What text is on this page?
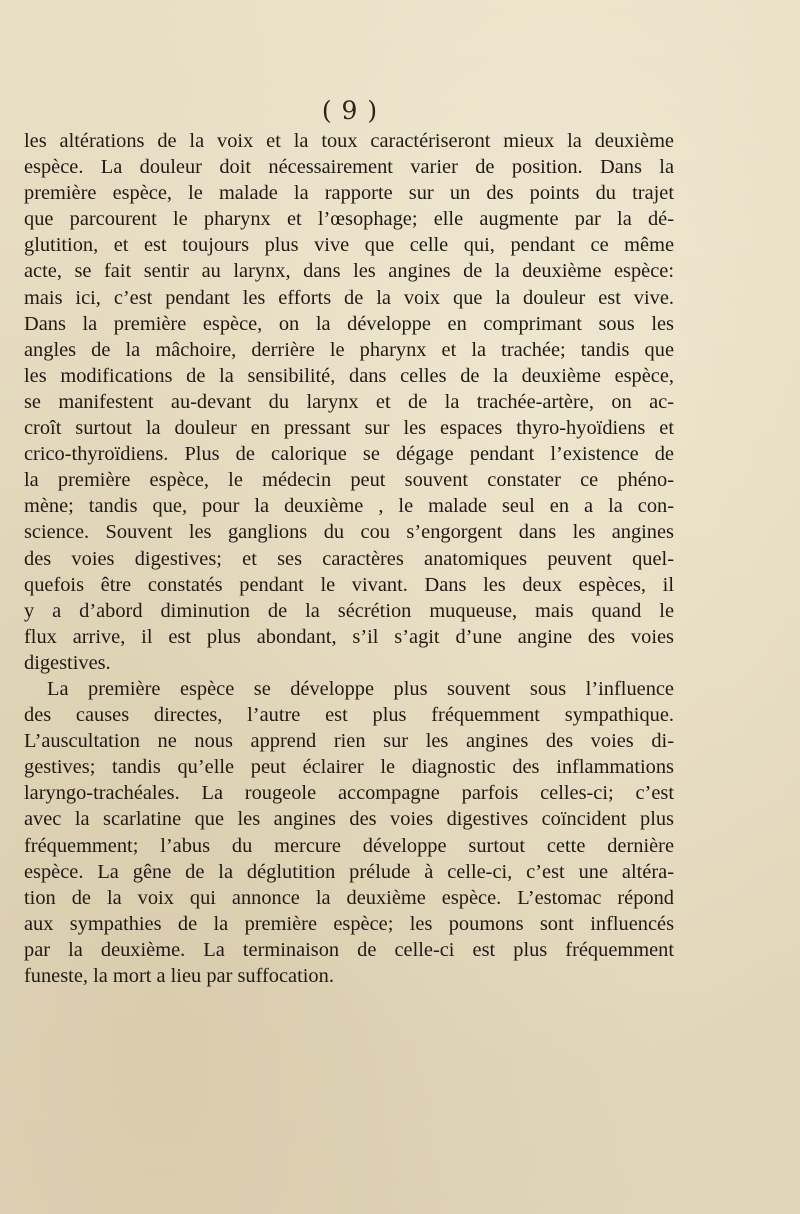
( 9 )
les altérations de la voix et la toux caractériseront mieux la deuxième
espèce. La douleur doit nécessairement varier de position. Dans la
première espèce, le malade la rapporte sur un des points du trajet
que parcourent le pharynx et l’œsophage; elle augmente par la dé-
glutition, et est toujours plus vive que celle qui, pendant ce même
acte, se fait sentir au larynx, dans les angines de la deuxième espèce:
mais ici, c’est pendant les efforts de la voix que la douleur est vive.
Dans la première espèce, on la développe en comprimant sous les
angles de la mâchoire, derrière le pharynx et la trachée; tandis que
les modifications de la sensibilité, dans celles de la deuxième espèce,
se manifestent au-devant du larynx et de la trachée-artère, on ac-
croît surtout la douleur en pressant sur les espaces thyro-hyoïdiens et
crico-thyroïdiens. Plus de calorique se dégage pendant l’existence de
la première espèce, le médecin peut souvent constater ce phéno-
mène; tandis que, pour la deuxième , le malade seul en a la con-
science. Souvent les ganglions du cou s’engorgent dans les angines
des voies digestives; et ses caractères anatomiques peuvent quel-
quefois être constatés pendant le vivant. Dans les deux espèces, il
y a d’abord diminution de la sécrétion muqueuse, mais quand le
flux arrive, il est plus abondant, s’il s’agit d’une angine des voies
digestives.
La première espèce se développe plus souvent sous l’influence
des causes directes, l’autre est plus fréquemment sympathique.
L’auscultation ne nous apprend rien sur les angines des voies di-
gestives; tandis qu’elle peut éclairer le diagnostic des inflammations
laryngo-trachéales. La rougeole accompagne parfois celles-ci; c’est
avec la scarlatine que les angines des voies digestives coïncident plus
fréquemment; l’abus du mercure développe surtout cette dernière
espèce. La gêne de la déglutition prélude à celle-ci, c’est une altéra-
tion de la voix qui annonce la deuxième espèce. L’estomac répond
aux sympathies de la première espèce; les poumons sont influencés
par la deuxième. La terminaison de celle-ci est plus fréquemment
funeste, la mort a lieu par suffocation.
